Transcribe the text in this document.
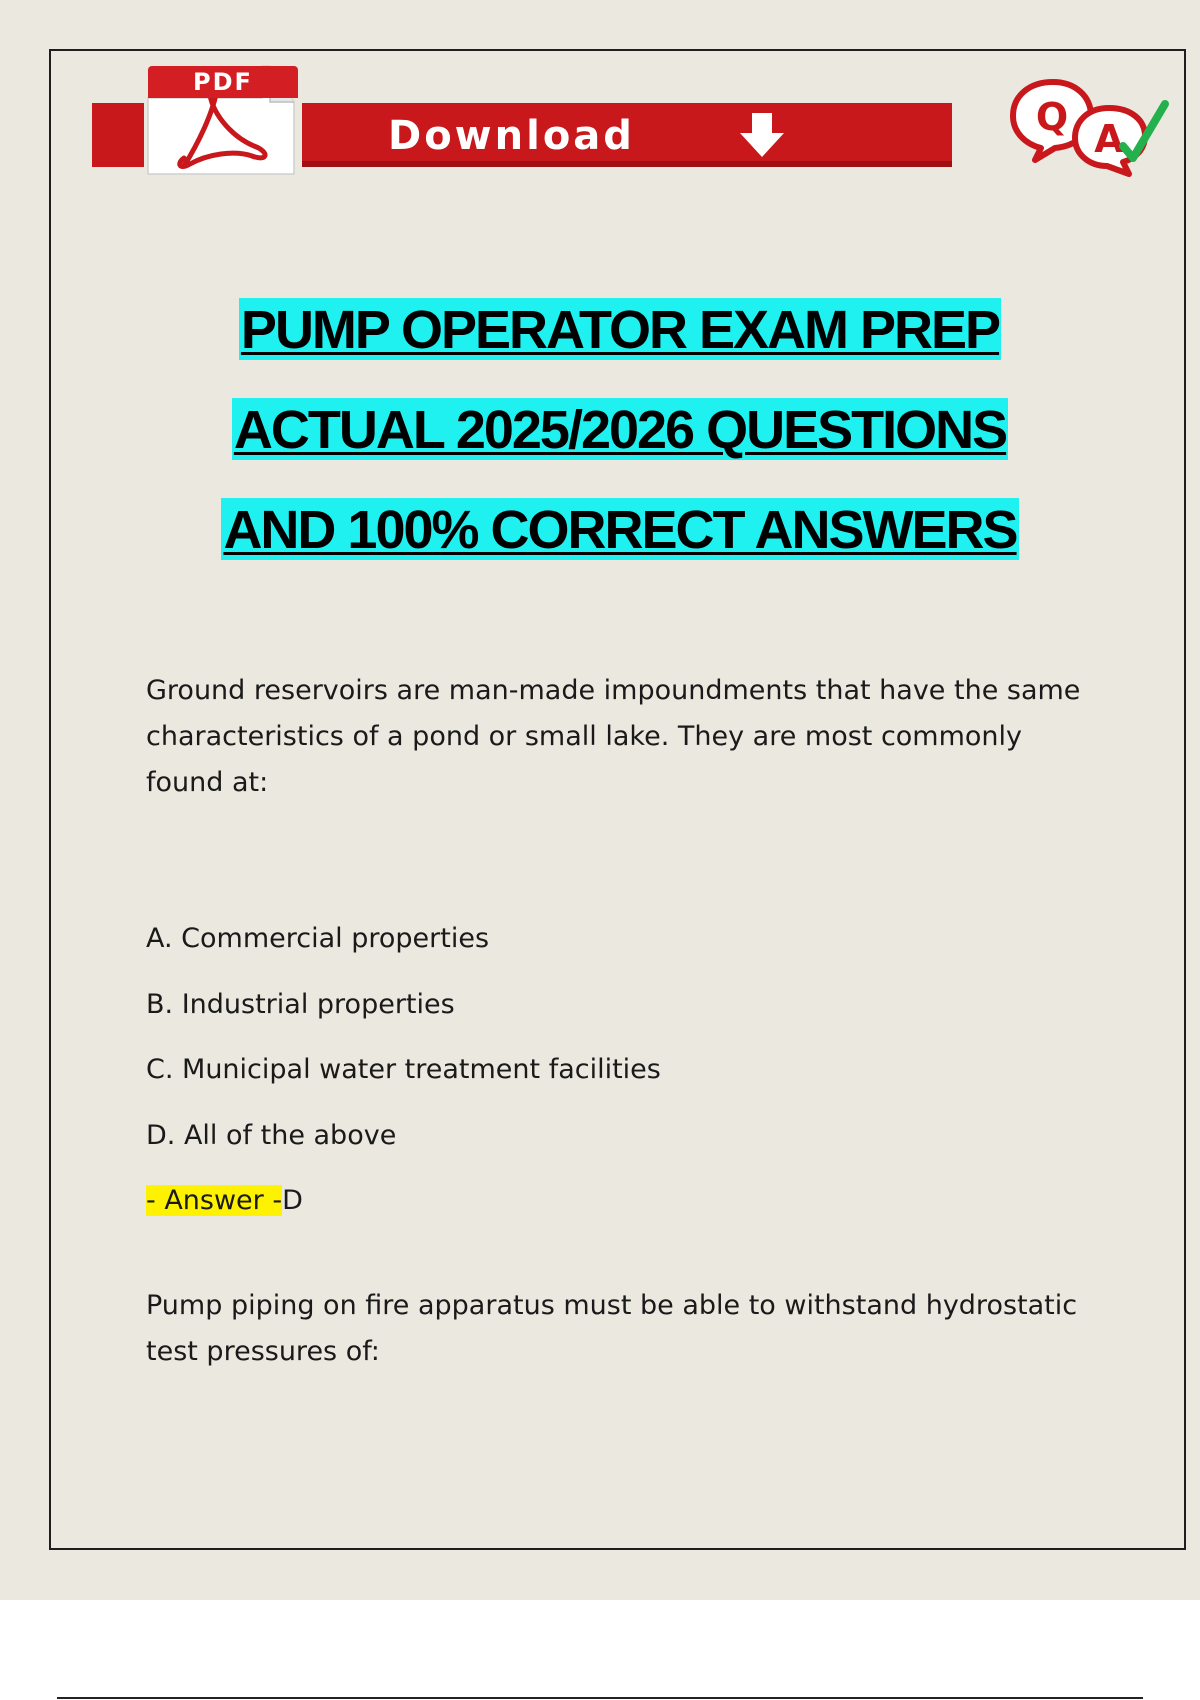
PDF
Download	Q A
PUMP OPERATOR EXAM PREP
ACTUAL 2025/2026 QUESTIONS
AND 100% CORRECT ANSWERS

Ground reservoirs are man-made impoundments that have the same characteristics of a pond or small lake. They are most commonly found at:

A. Commercial properties
B. Industrial properties
C. Municipal water treatment facilities
D. All of the above
- Answer -D

Pump piping on fire apparatus must be able to withstand hydrostatic test pressures of:
